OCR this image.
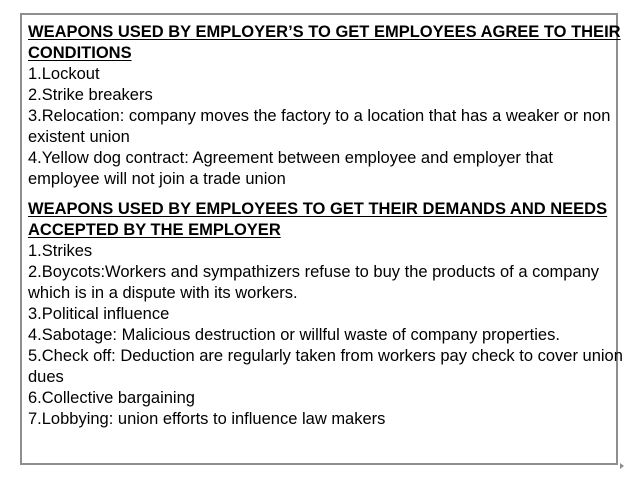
WEAPONS USED BY EMPLOYER’S TO GET EMPLOYEES AGREE TO THEIR CONDITIONS

1.Lockout

2.Strike breakers

3.Relocation: company moves the factory to a location that has a weaker or non existent union

4.Yellow dog contract: Agreement between employee and employer that employee will not join a trade union

WEAPONS USED BY EMPLOYEES TO GET THEIR DEMANDS AND NEEDS ACCEPTED BY THE EMPLOYER

1.Strikes

2.Boycots:Workers and sympathizers refuse to buy the products of a company which is in a dispute with its workers.

3.Political influence

4.Sabotage: Malicious destruction or willful waste of company properties.

5.Check off: Deduction are regularly taken from workers pay check to cover union dues

6.Collective bargaining

7.Lobbying: union efforts to influence law makers
